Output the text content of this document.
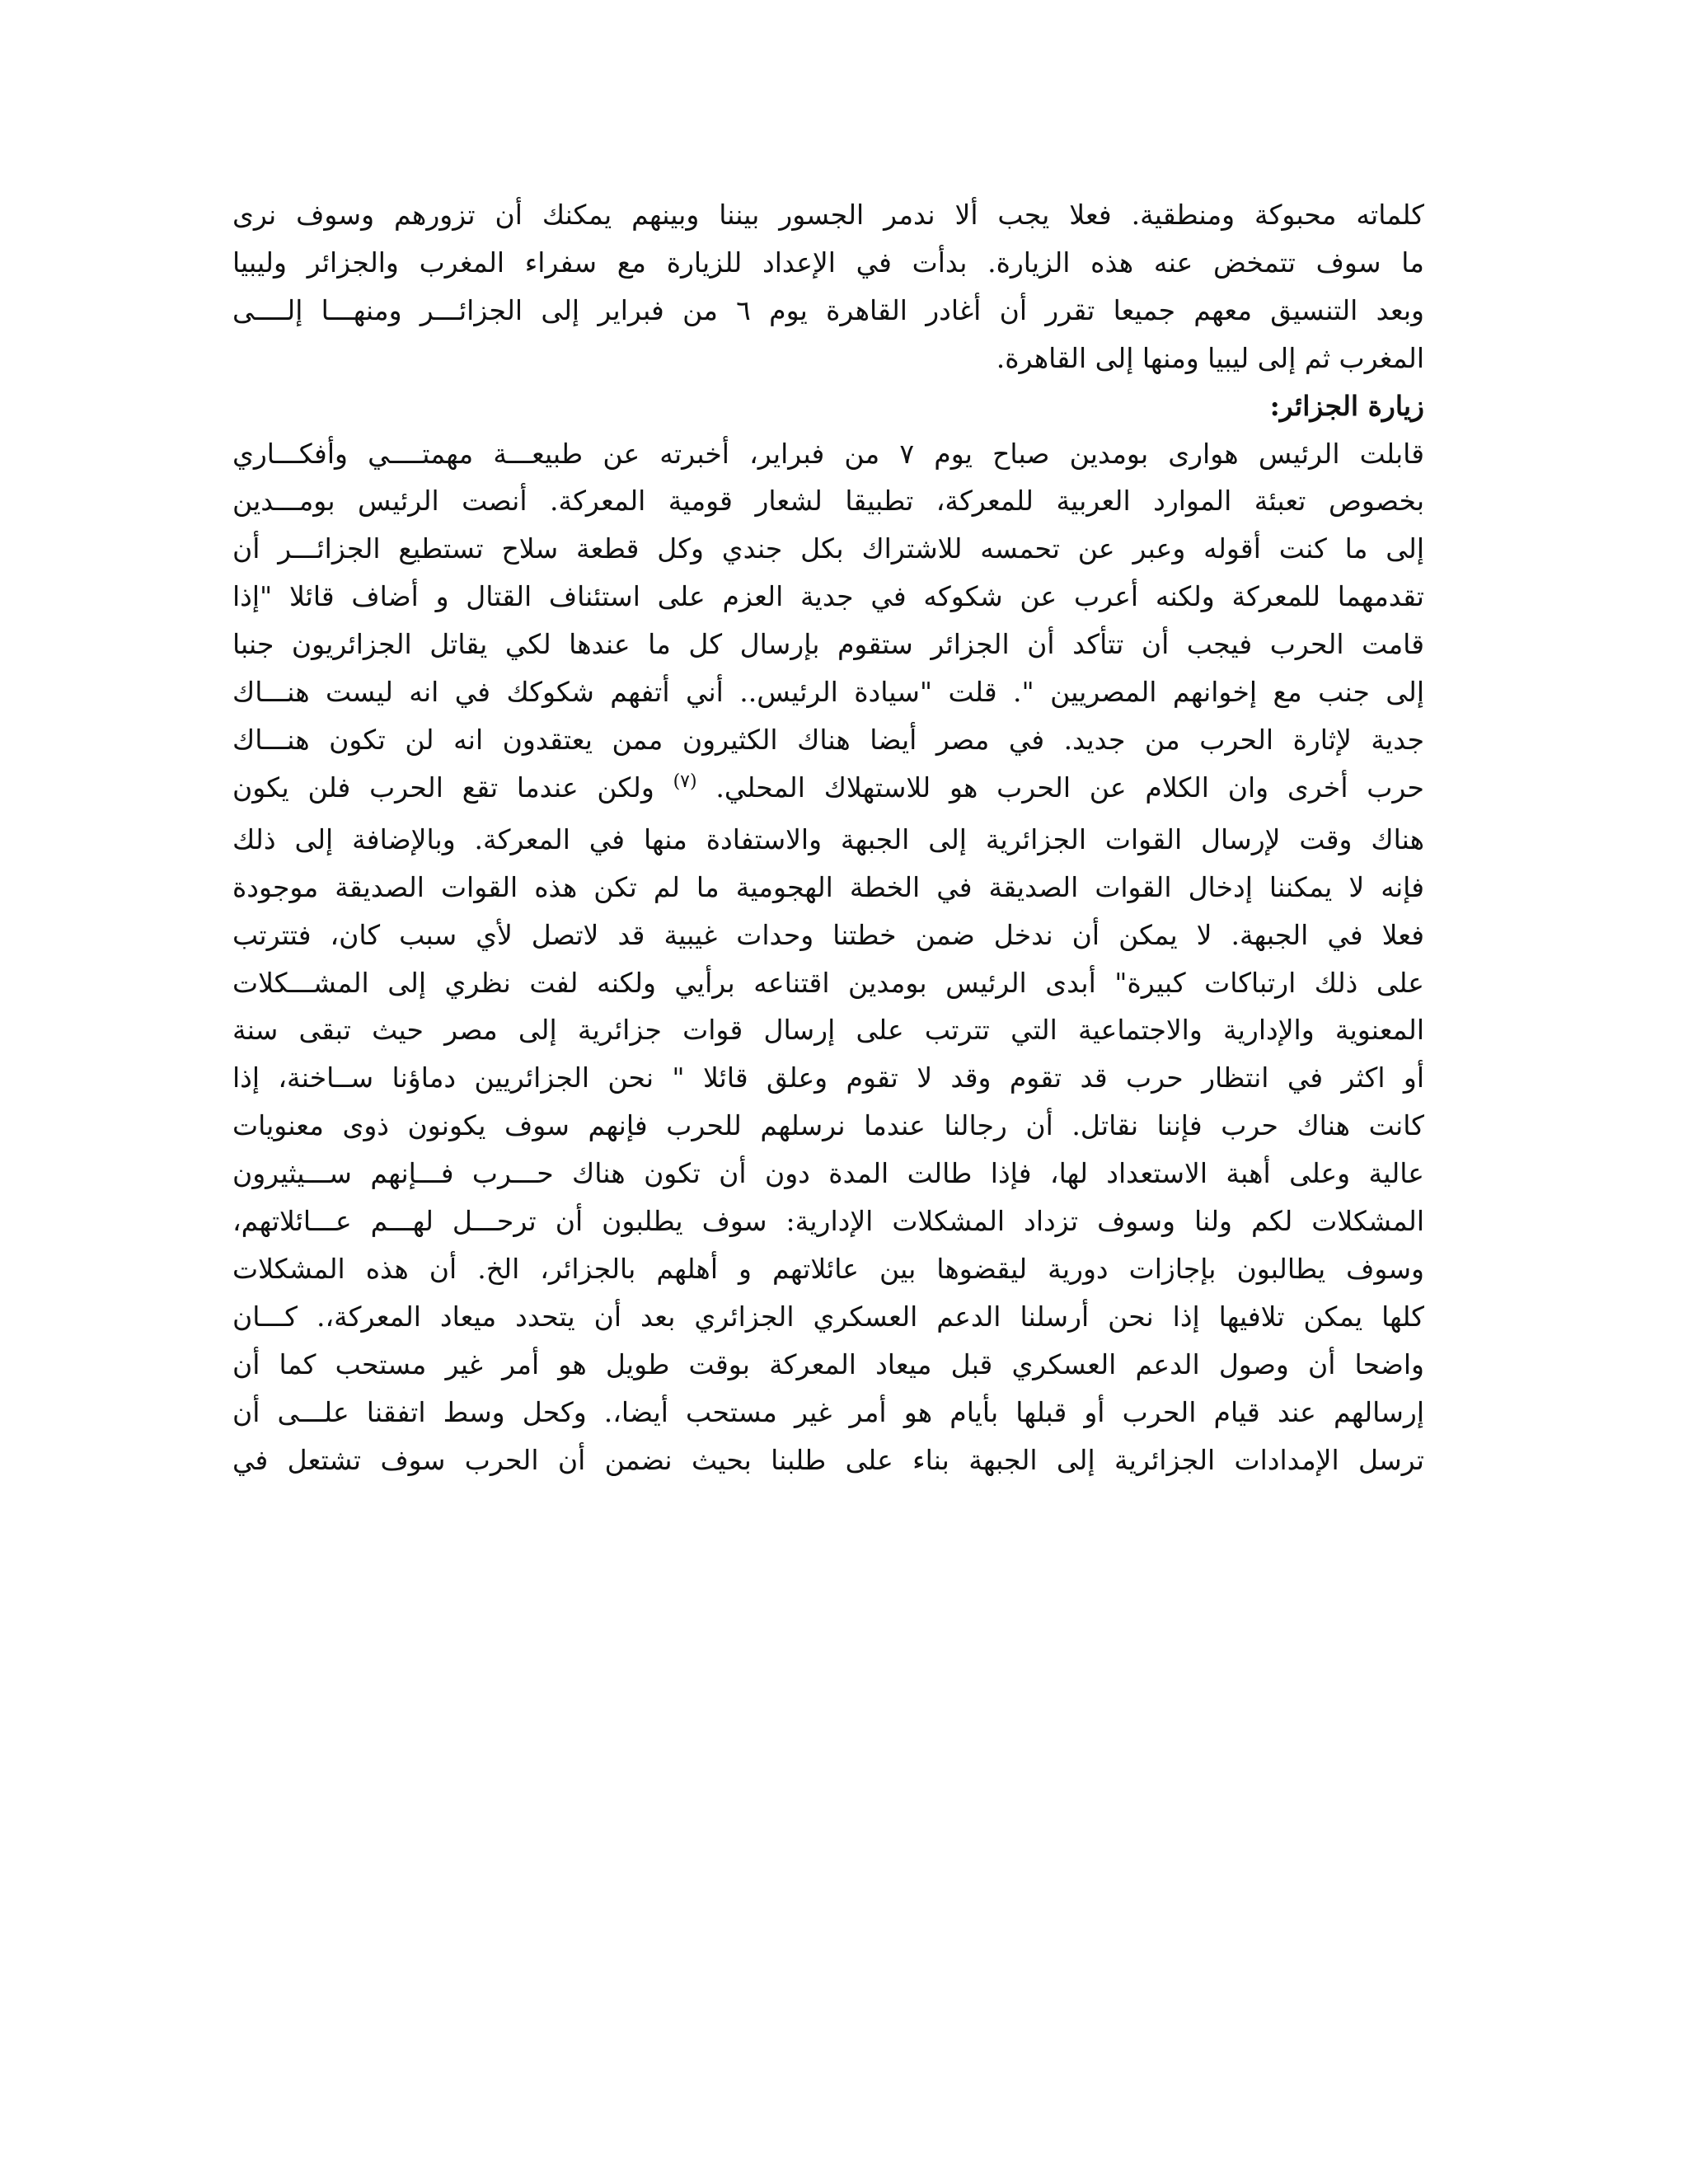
كلماته محبوكة ومنطقية. فعلا يجب ألا ندمر الجسور بيننا وبينهم يمكنك أن تزورهم وسوف نرى
ما سوف تتمخض عنه هذه الزيارة. بدأت في الإعداد للزيارة مع سفراء المغرب والجزائر وليبيا
وبعد التنسيق معهم جميعا تقرر أن أغادر القاهرة يوم ٦ من فبراير إلى الجزائـــر ومنهـــا إلــــى
المغرب ثم إلى ليبيا ومنها إلى القاهرة.
زيارة الجزائر:
قابلت الرئيس هوارى بومدين صباح يوم ٧ من فبراير، أخبرته عن طبيعـــة مهمتــــي وأفكـــاري
بخصوص تعبئة الموارد العربية للمعركة، تطبيقا لشعار قومية المعركة. أنصت الرئيس بومـــدين
إلى ما كنت أقوله وعبر عن تحمسه للاشتراك بكل جندي وكل قطعة سلاح تستطيع الجزائـــر أن
تقدمهما للمعركة ولكنه أعرب عن شكوكه في جدية العزم على استئناف القتال و أضاف قائلا "إذا
قامت الحرب فيجب أن تتأكد أن الجزائر ستقوم بإرسال كل ما عندها لكي يقاتل الجزائريون جنبا
إلى جنب مع إخوانهم المصريين ". قلت "سيادة الرئيس.. أني أتفهم شكوكك في انه ليست هنـــاك
جدية لإثارة الحرب من جديد. في مصر أيضا هناك الكثيرون ممن يعتقدون انه لن تكون هنـــاك
حرب أخرى وان الكلام عن الحرب هو للاستهلاك المحلي. $^{(٧)}$ ولكن عندما تقع الحرب فلن يكون
هناك وقت لإرسال القوات الجزائرية إلى الجبهة والاستفادة منها في المعركة. وبالإضافة إلى ذلك
فإنه لا يمكننا إدخال القوات الصديقة في الخطة الهجومية ما لم تكن هذه القوات الصديقة موجودة
فعلا في الجبهة. لا يمكن أن ندخل ضمن خطتنا وحدات غيبية قد لاتصل لأي سبب كان، فتترتب
على ذلك ارتباكات كبيرة" أبدى الرئيس بومدين اقتناعه برأيي ولكنه لفت نظري إلى المشـــكلات
المعنوية والإدارية والاجتماعية التي تترتب على إرسال قوات جزائرية إلى مصر حيث تبقى سنة
أو اكثر في انتظار حرب قد تقوم وقد لا تقوم وعلق قائلا " نحن الجزائريين دماؤنا ســاخنة، إذا
كانت هناك حرب فإننا نقاتل. أن رجالنا عندما نرسلهم للحرب فإنهم سوف يكونون ذوى معنويات
عالية وعلى أهبة الاستعداد لها، فإذا طالت المدة دون أن تكون هناك حـــرب فـــإنهم ســـيثيرون
المشكلات لكم ولنا وسوف تزداد المشكلات الإدارية: سوف يطلبون أن ترحـــل لهـــم عـــائلاتهم،
وسوف يطالبون بإجازات دورية ليقضوها بين عائلاتهم و أهلهم بالجزائر، الخ. أن هذه المشكلات
كلها يمكن تلافيها إذا نحن أرسلنا الدعم العسكري الجزائري بعد أن يتحدد ميعاد المعركة،. كـــان
واضحا أن وصول الدعم العسكري قبل ميعاد المعركة بوقت طويل هو أمر غير مستحب كما أن
إرسالهم عند قيام الحرب أو قبلها بأيام هو أمر غير مستحب أيضا،. وكحل وسط اتفقنا علـــى أن
ترسل الإمدادات الجزائرية إلى الجبهة بناء على طلبنا بحيث نضمن أن الحرب سوف تشتعل في
